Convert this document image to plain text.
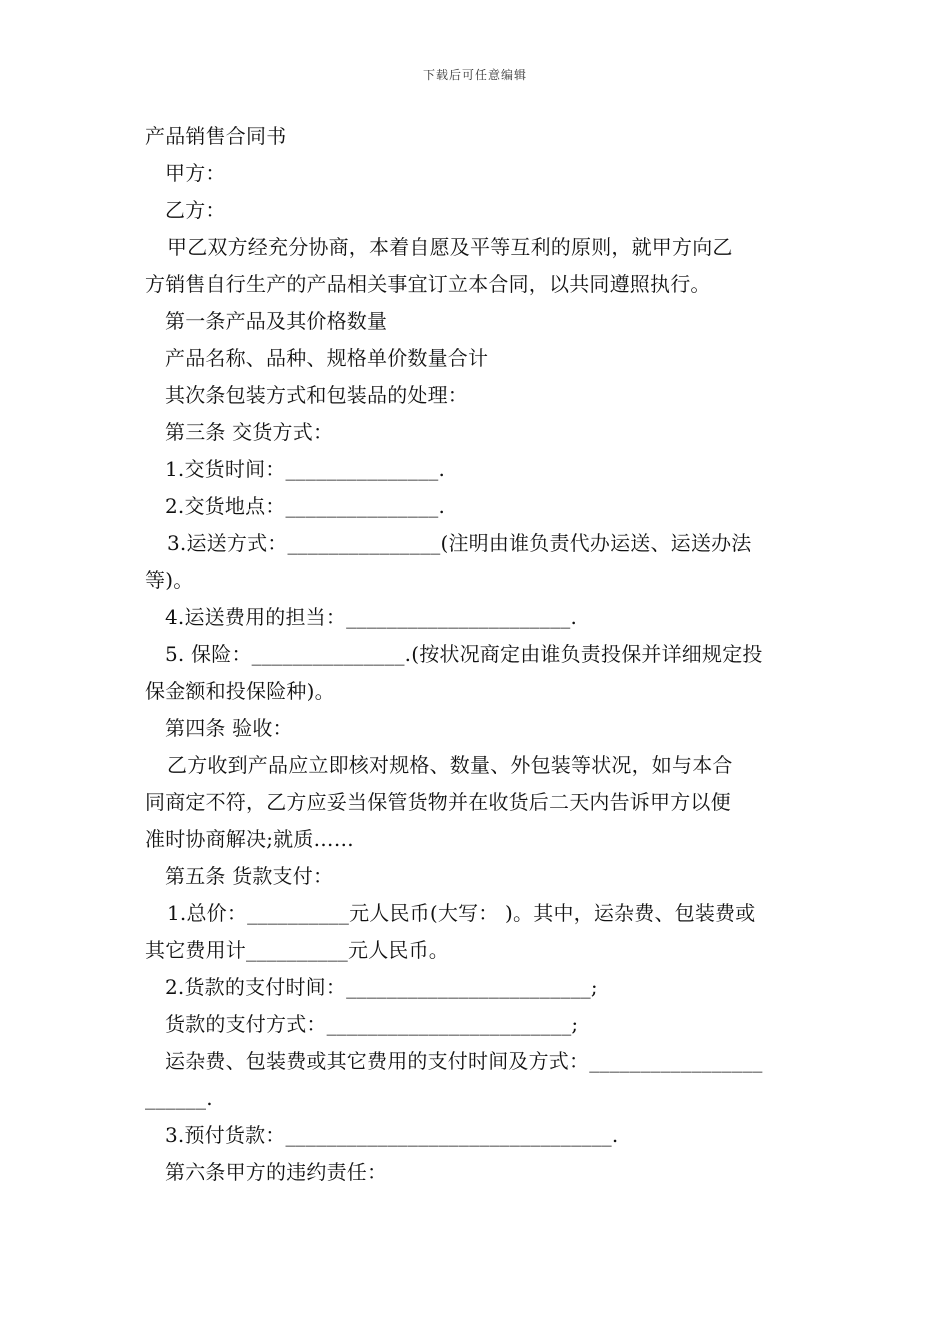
下载后可任意编辑
产品销售合同书
甲方：
乙方：
甲乙双方经充分协商，本着自愿及平等互利的原则，就甲方向乙
方销售自行生产的产品相关事宜订立本合同，以共同遵照执行。
第一条产品及其价格数量
产品名称、品种、规格单价数量合计
其次条包装方式和包装品的处理：
第三条 交货方式：
1.交货时间：_______________.
2.交货地点：_______________.
3.运送方式：_______________(注明由谁负责代办运送、运送办法
等)。
4.运送费用的担当：______________________.
5. 保险：_______________.(按状况商定由谁负责投保并详细规定投
保金额和投保险种)。
第四条 验收：
乙方收到产品应立即核对规格、数量、外包装等状况，如与本合
同商定不符，乙方应妥当保管货物并在收货后二天内告诉甲方以便
准时协商解决;就质……
第五条 货款支付：
1.总价：__________元人民币(大写： )。其中，运杂费、包装费或
其它费用计__________元人民币。
2.货款的支付时间：________________________;
货款的支付方式：________________________;
运杂费、包装费或其它费用的支付时间及方式：_________________
______.
3.预付货款：________________________________.
第六条甲方的违约责任：
